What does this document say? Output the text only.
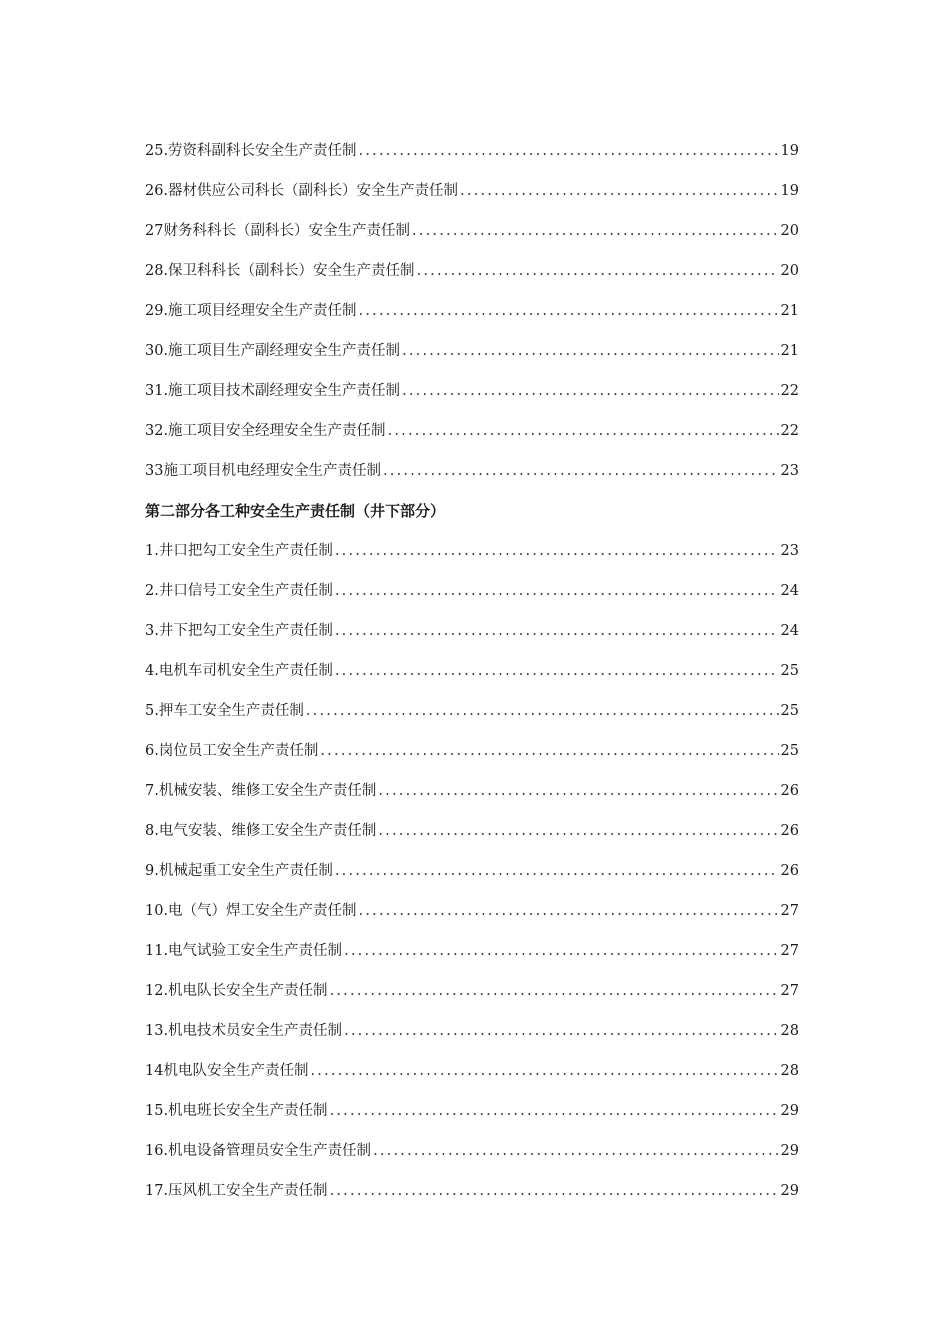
25.劳资科副科长安全生产责任制 .....	19
26.器材供应公司科长（副科长）安全生产责任制 .....	19
27财务科科长（副科长）安全生产责任制 .....	20
28.保卫科科长（副科长）安全生产责任制 .....	20
29.施工项目经理安全生产责任制 .....	21
30.施工项目生产副经理安全生产责任制 .....	21
31.施工项目技术副经理安全生产责任制 .....	22
32.施工项目安全经理安全生产责任制 .....	22
33施工项目机电经理安全生产责任制 .....	23
第二部分各工种安全生产责任制（井下部分）
1.井口把勾工安全生产责任制 .....	23
2.井口信号工安全生产责任制 .....	24
3.井下把勾工安全生产责任制 .....	24
4.电机车司机安全生产责任制 .....	25
5.押车工安全生产责任制 .....	25
6.岗位员工安全生产责任制 .....	25
7.机械安装、维修工安全生产责任制 .....	26
8.电气安装、维修工安全生产责任制 .....	26
9.机械起重工安全生产责任制 .....	26
10.电（气）焊工安全生产责任制 .....	27
11.电气试验工安全生产责任制 .....	27
12.机电队长安全生产责任制 .....	27
13.机电技术员安全生产责任制 .....	28
14机电队安全生产责任制 .....	28
15.机电班长安全生产责任制 .....	29
16.机电设备管理员安全生产责任制 .....	29
17.压风机工安全生产责任制 .....	29
